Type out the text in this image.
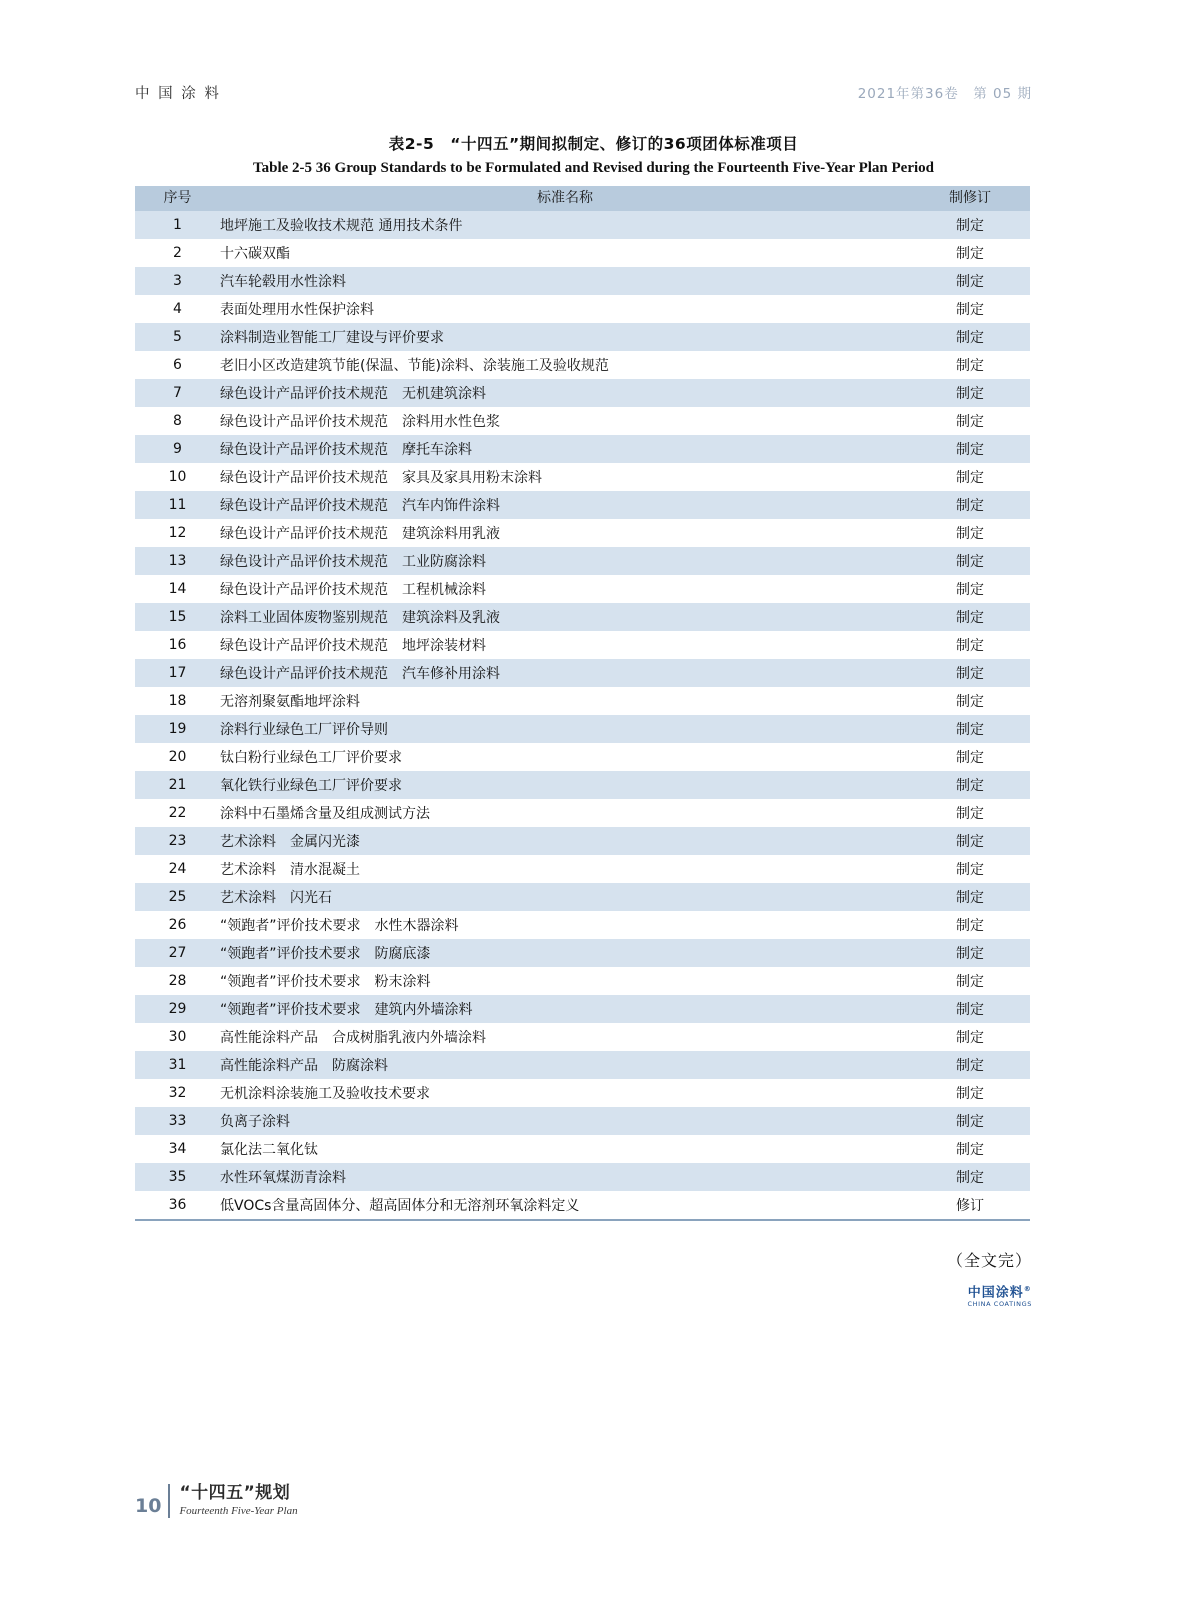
中 国 涂 料	2021年第36卷　第 05 期
表2-5　“十四五”期间拟制定、修订的36项团体标准项目
Table 2-5 36 Group Standards to be Formulated and Revised during the Fourteenth Five-Year Plan Period
序号	标准名称	制修订
1	地坪施工及验收技术规范 通用技术条件	制定
2	十六碳双酯	制定
3	汽车轮毂用水性涂料	制定
4	表面处理用水性保护涂料	制定
5	涂料制造业智能工厂建设与评价要求	制定
6	老旧小区改造建筑节能(保温、节能)涂料、涂装施工及验收规范	制定
7	绿色设计产品评价技术规范　无机建筑涂料	制定
8	绿色设计产品评价技术规范　涂料用水性色浆	制定
9	绿色设计产品评价技术规范　摩托车涂料	制定
10	绿色设计产品评价技术规范　家具及家具用粉末涂料	制定
11	绿色设计产品评价技术规范　汽车内饰件涂料	制定
12	绿色设计产品评价技术规范　建筑涂料用乳液	制定
13	绿色设计产品评价技术规范　工业防腐涂料	制定
14	绿色设计产品评价技术规范　工程机械涂料	制定
15	涂料工业固体废物鉴别规范　建筑涂料及乳液	制定
16	绿色设计产品评价技术规范　地坪涂装材料	制定
17	绿色设计产品评价技术规范　汽车修补用涂料	制定
18	无溶剂聚氨酯地坪涂料	制定
19	涂料行业绿色工厂评价导则	制定
20	钛白粉行业绿色工厂评价要求	制定
21	氧化铁行业绿色工厂评价要求	制定
22	涂料中石墨烯含量及组成测试方法	制定
23	艺术涂料　金属闪光漆	制定
24	艺术涂料　清水混凝土	制定
25	艺术涂料　闪光石	制定
26	“领跑者”评价技术要求　水性木器涂料	制定
27	“领跑者”评价技术要求　防腐底漆	制定
28	“领跑者”评价技术要求　粉末涂料	制定
29	“领跑者”评价技术要求　建筑内外墙涂料	制定
30	高性能涂料产品　合成树脂乳液内外墙涂料	制定
31	高性能涂料产品　防腐涂料	制定
32	无机涂料涂装施工及验收技术要求	制定
33	负离子涂料	制定
34	氯化法二氧化钛	制定
35	水性环氧煤沥青涂料	制定
36	低VOCs含量高固体分、超高固体分和无溶剂环氧涂料定义	修订
（全文完）
中国涂料®
CHINA COATINGS
10
“十四五”规划
Fourteenth Five-Year Plan
